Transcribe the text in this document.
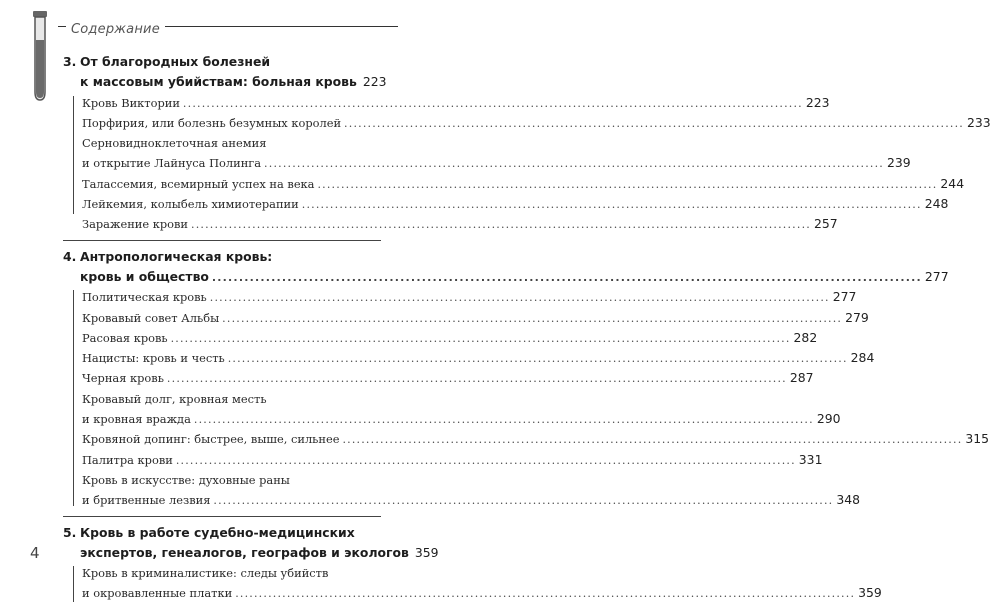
Содержание
3. От благородных болезней
к массовым убийствам: больная кровь 223
Кровь Виктории .....	223
Порфирия, или болезнь безумных королей .....	233
Серновидноклеточная анемия
и открытие Лайнуса Полинга .....	239
Талассемия, всемирный успех на века .....	244
Лейкемия, колыбель химиотерапии .....	248
Заражение крови .....	257
4. Антропологическая кровь:
кровь и общество .....	277
Политическая кровь .....	277
Кровавый совет Альбы .....	279
Расовая кровь .....	282
Нацисты: кровь и честь .....	284
Черная кровь .....	287
Кровавый долг, кровная месть
и кровная вражда .....	290
Кровяной допинг: быстрее, выше, сильнее .....	315
Палитра крови .....	331
Кровь в искусстве: духовные раны
и бритвенные лезвия .....	348
5. Кровь в работе судебно-медицинских
экспертов, генеалогов, географов и экологов 359
Кровь в криминалистике: следы убийств
и окровавленные платки .....	359
4
